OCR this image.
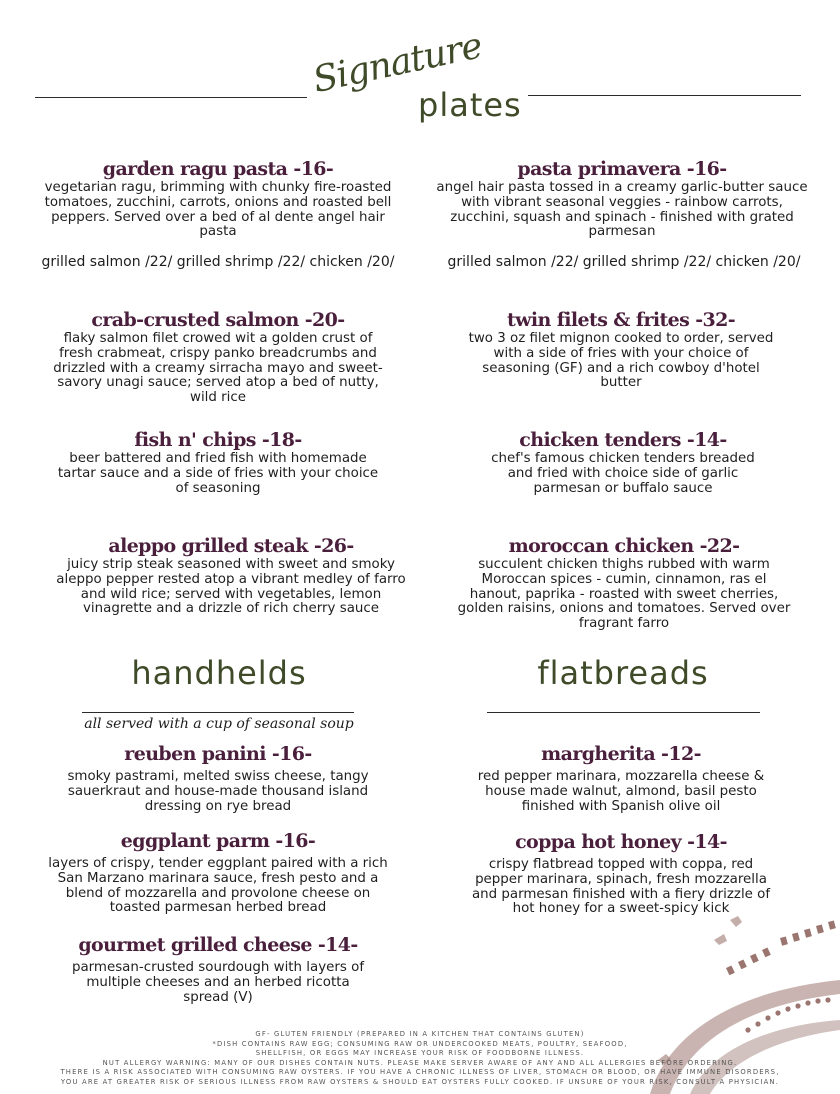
Signature
plates
garden ragu pasta -16-
vegetarian ragu, brimming with chunky fire-roasted tomatoes, zucchini, carrots, onions and roasted bell peppers. Served over a bed of al dente angel hair pasta
grilled salmon /22/ grilled shrimp /22/ chicken /20/
crab-crusted salmon -20-
flaky salmon filet crowed wit a golden crust of fresh crabmeat, crispy panko breadcrumbs and drizzled with a creamy sirracha mayo and sweet-savory unagi sauce; served atop a bed of nutty, wild rice
fish n' chips -18-
beer battered and fried fish with homemade tartar sauce and a side of fries with your choice of seasoning
aleppo grilled steak -26-
juicy strip steak seasoned with sweet and smoky aleppo pepper rested atop a vibrant medley of farro and wild rice; served with vegetables, lemon vinagrette and a drizzle of rich cherry sauce
pasta primavera -16-
angel hair pasta tossed in a creamy garlic-butter sauce with vibrant seasonal veggies - rainbow carrots, zucchini, squash and spinach - finished with grated parmesan
grilled salmon /22/ grilled shrimp /22/ chicken /20/
twin filets & frites -32-
two 3 oz filet mignon cooked to order, served with a side of fries with your choice of seasoning (GF) and a rich cowboy d'hotel butter
chicken tenders -14-
chef's famous chicken tenders breaded and fried with choice side of garlic parmesan or buffalo sauce
moroccan chicken -22-
succulent chicken thighs rubbed with warm Moroccan spices - cumin, cinnamon, ras el hanout, paprika - roasted with sweet cherries, golden raisins, onions and tomatoes. Served over fragrant farro
handhelds
all served with a cup of seasonal soup
reuben panini -16-
smoky pastrami, melted swiss cheese, tangy sauerkraut and house-made thousand island dressing on rye bread
eggplant parm -16-
layers of crispy, tender eggplant paired with a rich San Marzano marinara sauce, fresh pesto and a blend of mozzarella and provolone cheese on toasted parmesan herbed bread
gourmet grilled cheese -14-
parmesan-crusted sourdough with layers of multiple cheeses and an herbed ricotta spread (V)
flatbreads
margherita -12-
red pepper marinara, mozzarella cheese & house made walnut, almond, basil pesto finished with Spanish olive oil
coppa hot honey -14-
crispy flatbread topped with coppa, red pepper marinara, spinach, fresh mozzarella and parmesan finished with a fiery drizzle of hot honey for a sweet-spicy kick
GF- GLUTEN FRIENDLY (PREPARED IN A KITCHEN THAT CONTAINS GLUTEN)
*DISH CONTAINS RAW EGG; CONSUMING RAW OR UNDERCOOKED MEATS, POULTRY, SEAFOOD,
SHELLFISH, OR EGGS MAY INCREASE YOUR RISK OF FOODBORNE ILLNESS.
NUT ALLERGY WARNING: MANY OF OUR DISHES CONTAIN NUTS. PLEASE MAKE SERVER AWARE OF ANY AND ALL ALLERGIES BEFORE ORDERING.
THERE IS A RISK ASSOCIATED WITH CONSUMING RAW OYSTERS. IF YOU HAVE A CHRONIC ILLNESS OF LIVER, STOMACH OR BLOOD, OR HAVE IMMUNE DISORDERS,
YOU ARE AT GREATER RISK OF SERIOUS ILLNESS FROM RAW OYSTERS & SHOULD EAT OYSTERS FULLY COOKED. IF UNSURE OF YOUR RISK, CONSULT A PHYSICIAN.
